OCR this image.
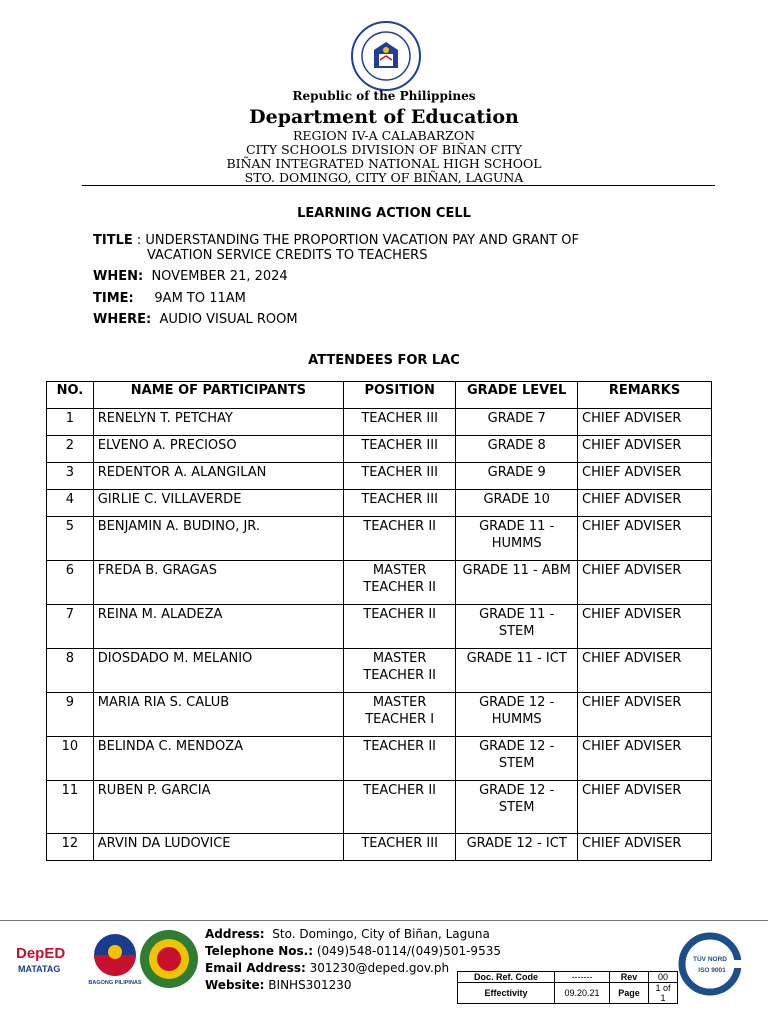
Republic of the Philippines
Department of Education
REGION IV-A CALABARZON
CITY SCHOOLS DIVISION OF BIÑAN CITY
BIÑAN INTEGRATED NATIONAL HIGH SCHOOL
STO. DOMINGO, CITY OF BIÑAN, LAGUNA
LEARNING ACTION CELL
TITLE : UNDERSTANDING THE PROPORTION VACATION PAY AND GRANT OF
VACATION SERVICE CREDITS TO TEACHERS
WHEN: NOVEMBER 21, 2024
TIME: 9AM TO 11AM
WHERE: AUDIO VISUAL ROOM
ATTENDEES FOR LAC
NO.	NAME OF PARTICIPANTS	POSITION	GRADE LEVEL	REMARKS
1	RENELYN T. PETCHAY	TEACHER III	GRADE 7	CHIEF ADVISER
2	ELVENO A. PRECIOSO	TEACHER III	GRADE 8	CHIEF ADVISER
3	REDENTOR A. ALANGILAN	TEACHER III	GRADE 9	CHIEF ADVISER
4	GIRLIE C. VILLAVERDE	TEACHER III	GRADE 10	CHIEF ADVISER
5	BENJAMIN A. BUDINO, JR.	TEACHER II	GRADE 11 - HUMMS	CHIEF ADVISER
6	FREDA B. GRAGAS	MASTER TEACHER II	GRADE 11 - ABM	CHIEF ADVISER
7	REINA M. ALADEZA	TEACHER II	GRADE 11 - STEM	CHIEF ADVISER
8	DIOSDADO M. MELANIO	MASTER TEACHER II	GRADE 11 - ICT	CHIEF ADVISER
9	MARIA RIA S. CALUB	MASTER TEACHER I	GRADE 12 - HUMMS	CHIEF ADVISER
10	BELINDA C. MENDOZA	TEACHER II	GRADE 12 - STEM	CHIEF ADVISER
11	RUBEN P. GARCIA	TEACHER II	GRADE 12 - STEM	CHIEF ADVISER
12	ARVIN DA LUDOVICE	TEACHER III	GRADE 12 - ICT	CHIEF ADVISER
DepED
MATATAG
BAGONG PILIPINAS
Address: Sto. Domingo, City of Biñan, Laguna
Telephone Nos.: (049)548-0114/(049)501-9535
Email Address: 301230@deped.gov.ph
Website: BINHS301230
Doc. Ref. Code	-------	Rev	00
Effectivity	09.20.21	Page	1 of 1
TÜV NORD
ISO 9001
